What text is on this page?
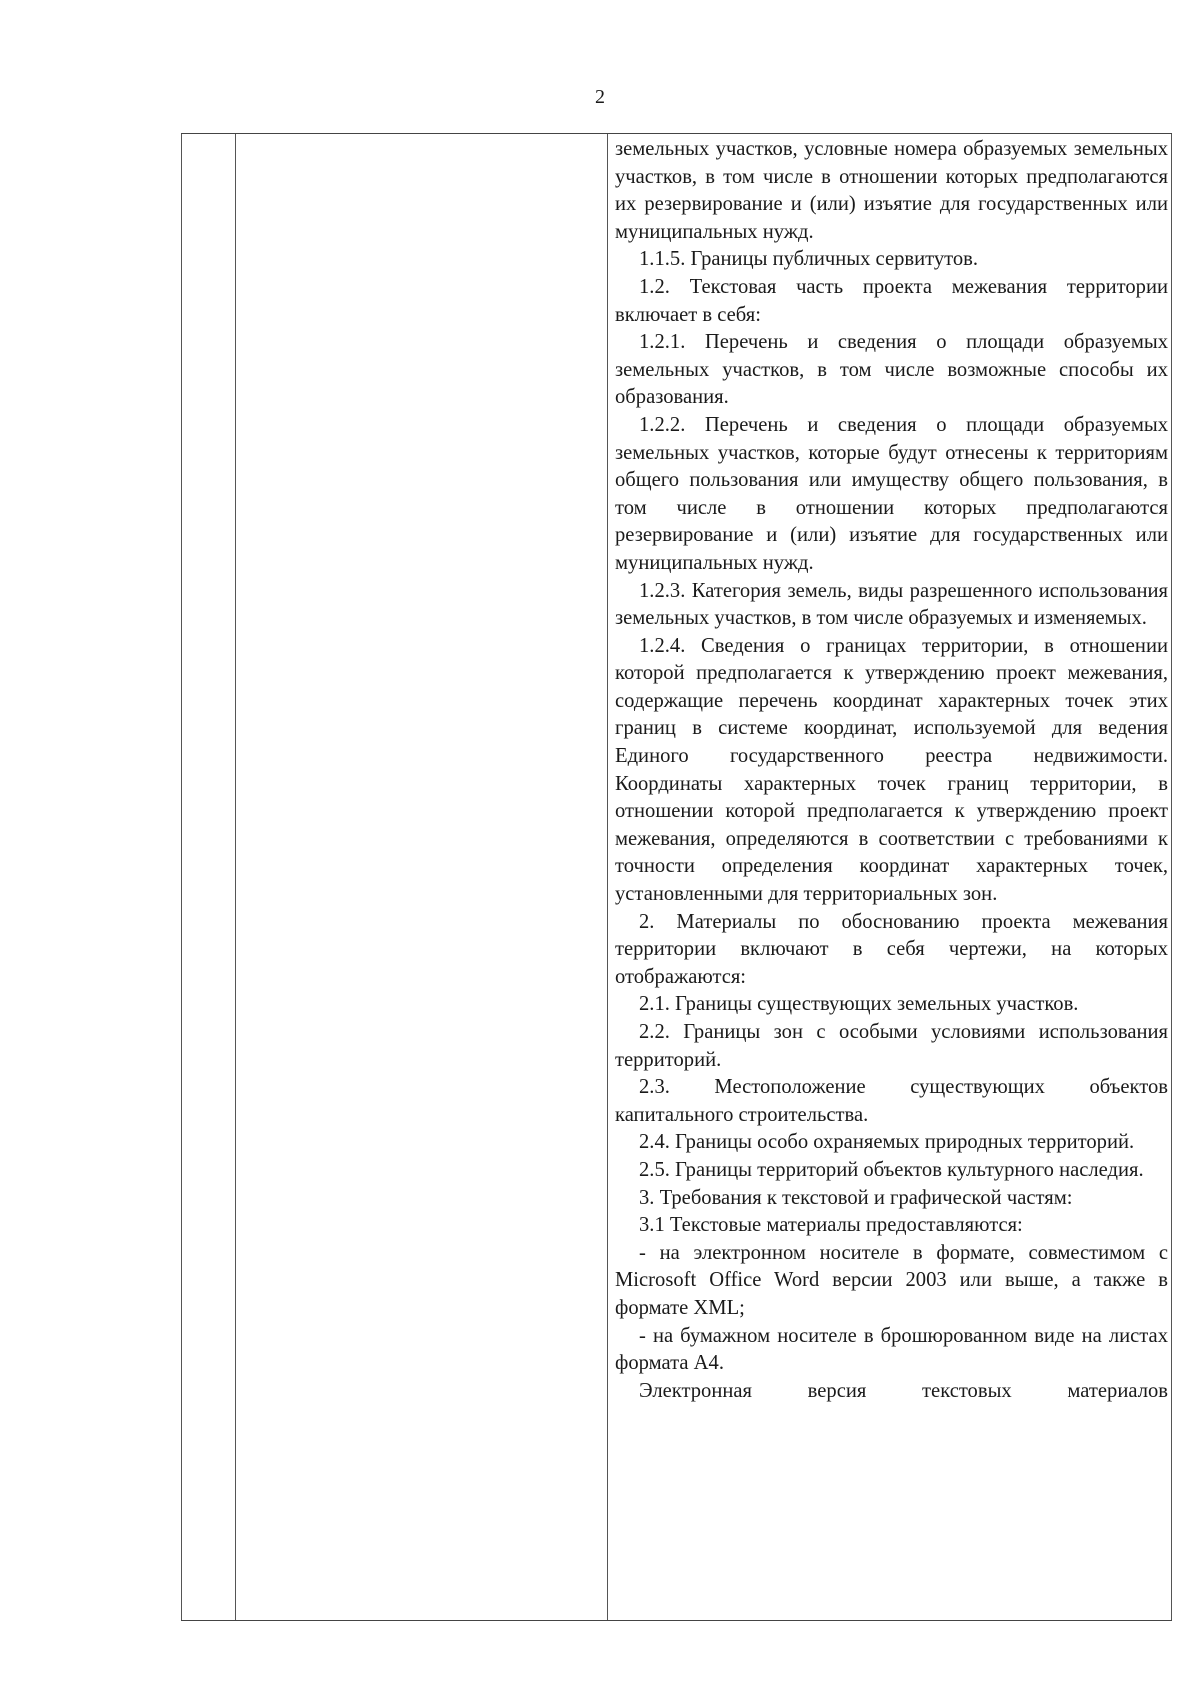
2

земельных участков, условные номера образуемых земельных участков, в том числе в отношении которых предполагаются их резервирование и (или) изъятие для государственных или муниципальных нужд.

1.1.5. Границы публичных сервитутов.

1.2. Текстовая часть проекта межевания территории включает в себя:

1.2.1. Перечень и сведения о площади образуемых земельных участков, в том числе возможные способы их образования.

1.2.2. Перечень и сведения о площади образуемых земельных участков, которые будут отнесены к территориям общего пользования или имуществу общего пользования, в том числе в отношении которых предполагаются резервирование и (или) изъятие для государственных или муниципальных нужд.

1.2.3. Категория земель, виды разрешенного использования земельных участков, в том числе образуемых и изменяемых.

1.2.4. Сведения о границах территории, в отношении которой предполагается к утверждению проект межевания, содержащие перечень координат характерных точек этих границ в системе координат, используемой для ведения Единого государственного реестра недвижимости. Координаты характерных точек границ территории, в отношении которой предполагается к утверждению проект межевания, определяются в соответствии с требованиями к точности определения координат характерных точек, установленными для территориальных зон.

2. Материалы по обоснованию проекта межевания территории включают в себя чертежи, на которых отображаются:

2.1. Границы существующих земельных участков.

2.2. Границы зон с особыми условиями использования территорий.

2.3. Местоположение существующих объектов капитального строительства.

2.4. Границы особо охраняемых природных территорий.

2.5. Границы территорий объектов культурного наследия.

3. Требования к текстовой и графической частям:

3.1 Текстовые материалы предоставляются:

- на электронном носителе в формате, совместимом с Microsoft Office Word версии 2003 или выше, а также в формате XML;

- на бумажном носителе в брошюрованном виде на листах формата А4.

Электронная версия текстовых материалов
